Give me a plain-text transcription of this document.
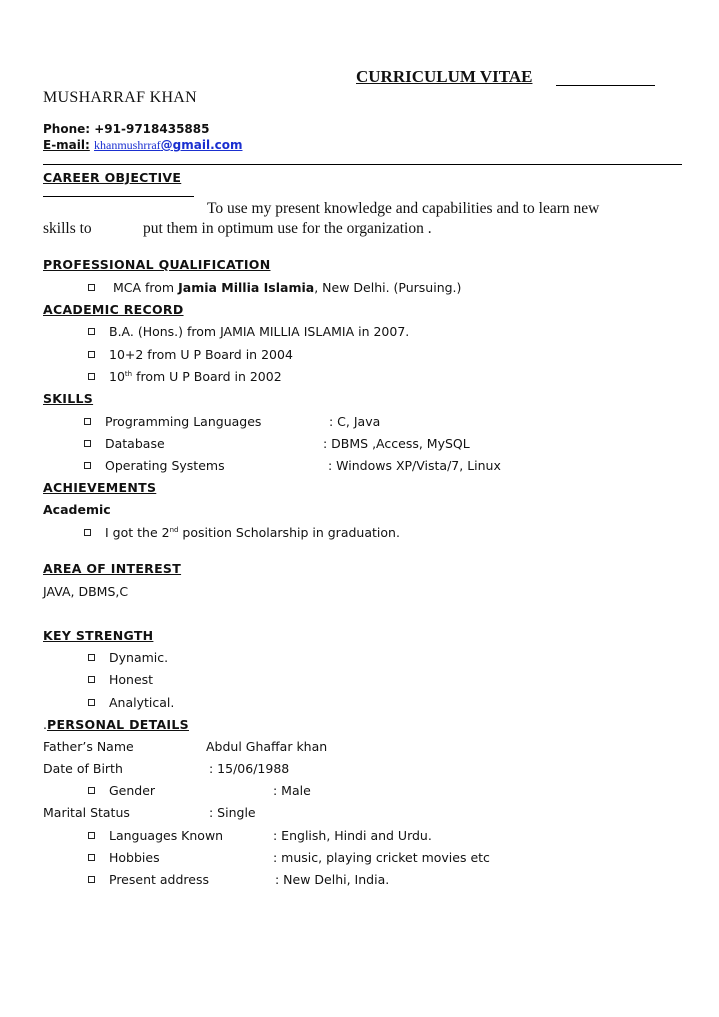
CURRICULUM VITAE
MUSHARRAF KHAN
Phone: +91-9718435885
E-mail: khanmushrraf@gmail.com
CAREER OBJECTIVE
To use my present knowledge and capabilities and to learn new
skills to	put them in optimum use for the organization .
PROFESSIONAL QUALIFICATION
MCA from Jamia Millia Islamia, New Delhi. (Pursuing.)
ACADEMIC RECORD
B.A. (Hons.) from JAMIA MILLIA ISLAMIA in 2007.
10+2 from U P Board in 2004
10th from U P Board in 2002
SKILLS
Programming Languages	: C, Java
Database	: DBMS ,Access, MySQL
Operating Systems	: Windows XP/Vista/7, Linux
ACHIEVEMENTS
Academic
I got the 2nd position Scholarship in graduation.
AREA OF INTEREST
JAVA, DBMS,C
KEY STRENGTH
Dynamic.
Honest
Analytical.
.PERSONAL DETAILS
Father’s Name	Abdul Ghaffar khan
Date of Birth	: 15/06/1988
Gender	: Male
Marital Status	: Single
Languages Known	: English, Hindi and Urdu.
Hobbies	: music, playing cricket movies etc
Present address	: New Delhi, India.
